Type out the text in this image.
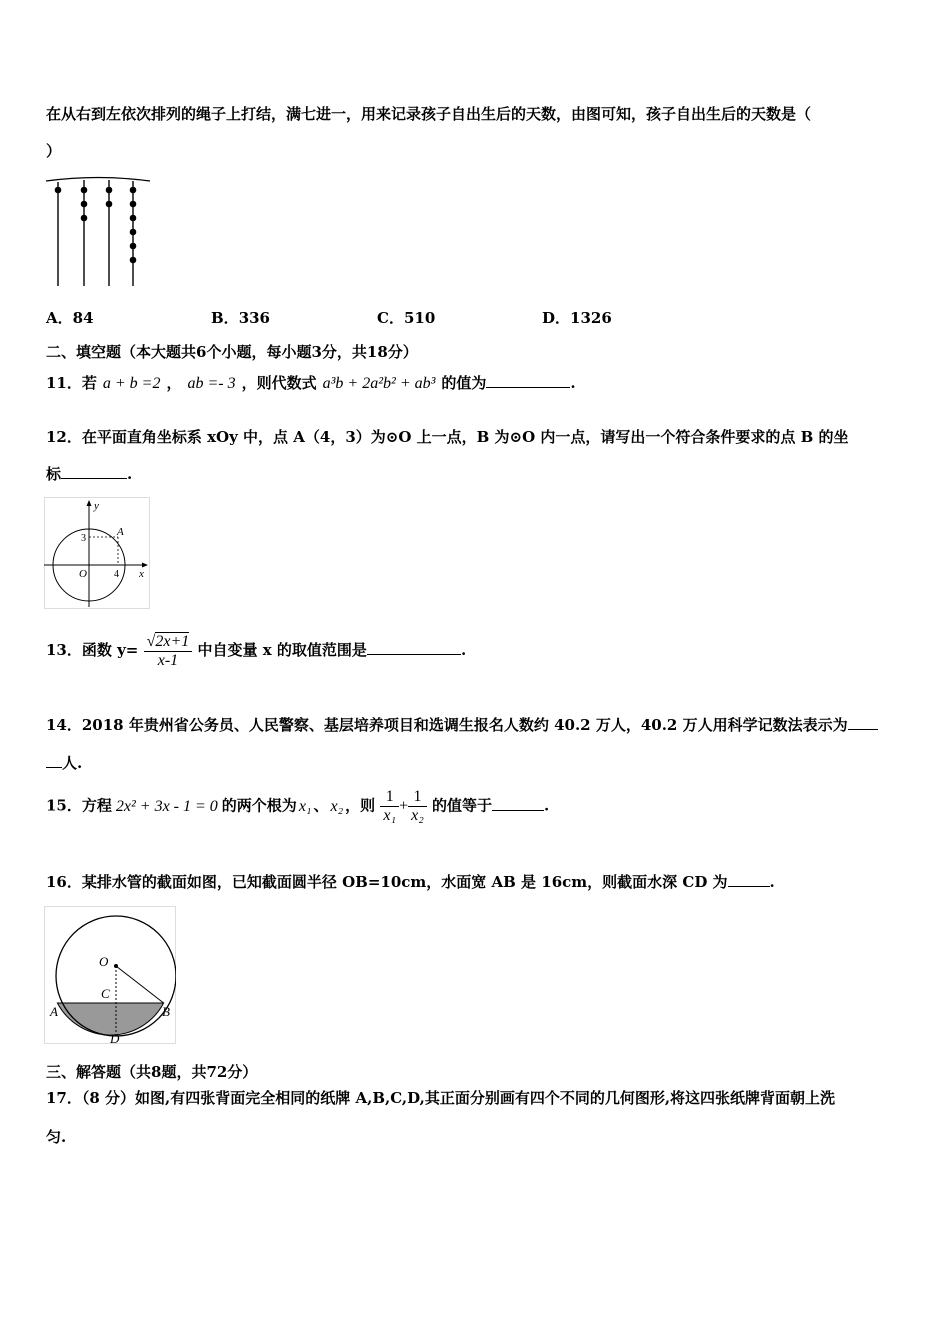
在从右到左依次排列的绳子上打结，满七进一，用来记录孩子自出生后的天数，由图可知，孩子自出生后的天数是（
）
A．84	B．336	C．510	D．1326
二、填空题（本大题共6个小题，每小题3分，共18分）
11．若 a + b =2 ， ab =- 3 ，则代数式 a³b + 2a²b² + ab³ 的值为	.
12．在平面直角坐标系 xOy 中，点 A（4，3）为⊙O 上一点，B 为⊙O 内一点，请写出一个符合条件要求的点 B 的坐
标	.
y
x
A
O
3
4
13．函数 $y= \frac{√2x+1}{x-1}$ 中自变量 x 的取值范围是	.
14．2018 年贵州省公务员、人民警察、基层培养项目和选调生报名人数约 40.2 万人，40.2 万人用科学记数法表示为
人.
15．方程 2x² + 3x - 1 = 0 的两个根为 x₁ 、 x₂ ，则 $\frac{1}{\text{x₁}} + \frac{1}{\text{x₂}}$ 的值等于	.
16．某排水管的截面如图，已知截面圆半径 OB=10cm，水面宽 AB 是 16cm，则截面水深 CD 为	.
O
C
A	B
D
三、解答题（共8题，共72分）
17．（8 分）如图,有四张背面完全相同的纸牌 A,B,C,D,其正面分别画有四个不同的几何图形,将这四张纸牌背面朝上洗
匀.
